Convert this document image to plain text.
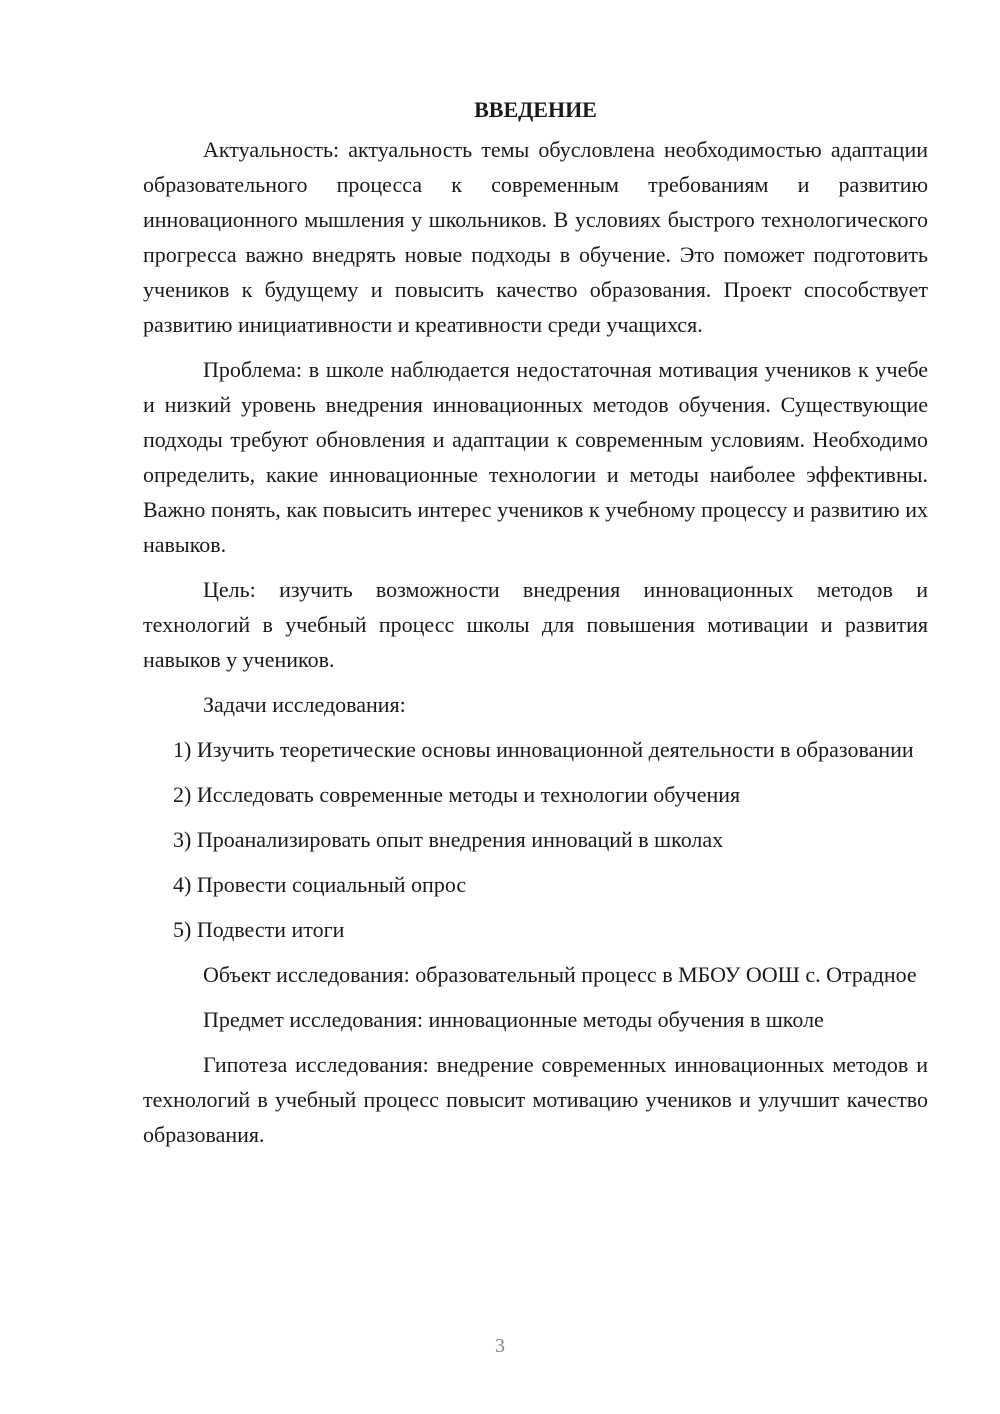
ВВЕДЕНИЕ

Актуальность: актуальность темы обусловлена необходимостью адаптации образовательного процесса к современным требованиям и развитию инновационного мышления у школьников. В условиях быстрого технологического прогресса важно внедрять новые подходы в обучение. Это поможет подготовить учеников к будущему и повысить качество образования. Проект способствует развитию инициативности и креативности среди учащихся.

Проблема: в школе наблюдается недостаточная мотивация учеников к учебе и низкий уровень внедрения инновационных методов обучения. Существующие подходы требуют обновления и адаптации к современным условиям. Необходимо определить, какие инновационные технологии и методы наиболее эффективны. Важно понять, как повысить интерес учеников к учебному процессу и развитию их навыков.

Цель: изучить возможности внедрения инновационных методов и технологий в учебный процесс школы для повышения мотивации и развития навыков у учеников.

Задачи исследования:

1) Изучить теоретические основы инновационной деятельности в образовании

2) Исследовать современные методы и технологии обучения

3) Проанализировать опыт внедрения инноваций в школах

4) Провести социальный опрос

5) Подвести итоги

Объект исследования: образовательный процесс в МБОУ ООШ с. Отрадное

Предмет исследования: инновационные методы обучения в школе

Гипотеза исследования: внедрение современных инновационных методов и технологий в учебный процесс повысит мотивацию учеников и улучшит качество образования.

3
